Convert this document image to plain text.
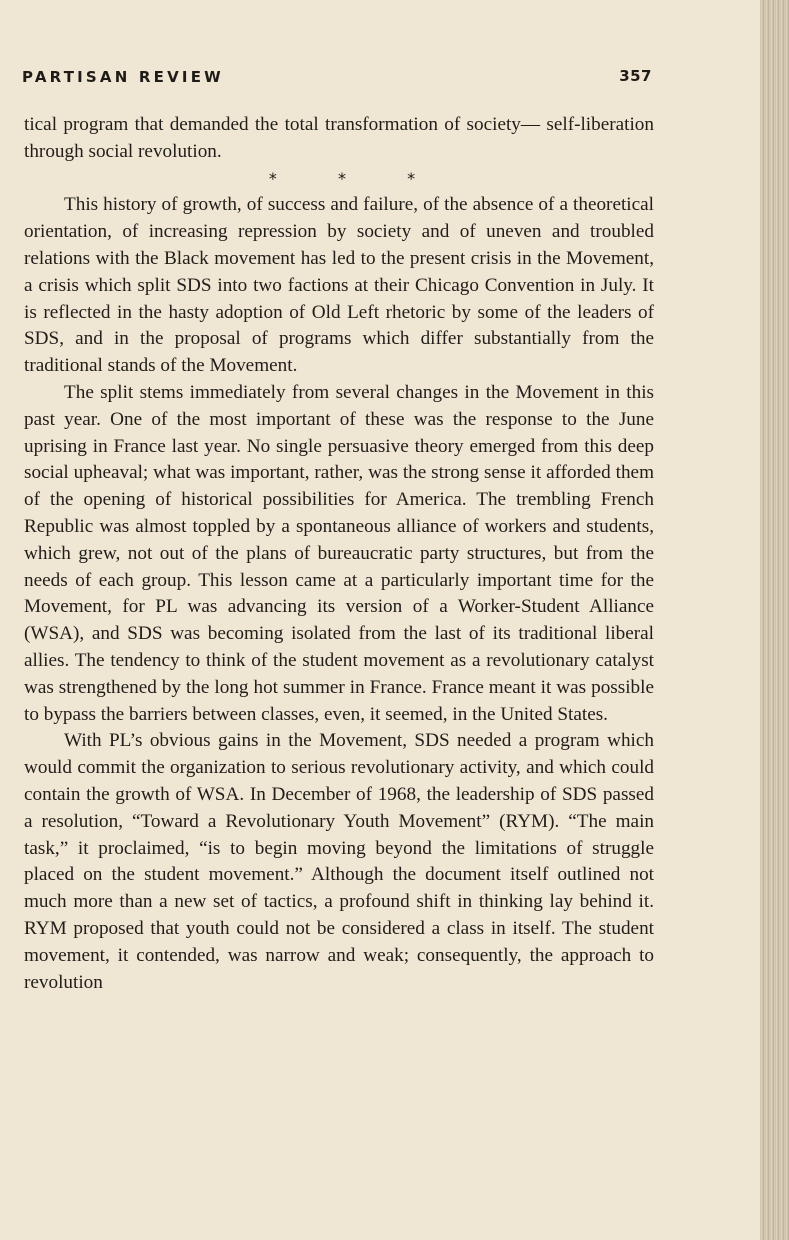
PARTISAN REVIEW	357

tical program that demanded the total transformation of society— self-liberation through social revolution.

* * *

This history of growth, of success and failure, of the absence of a theoretical orientation, of increasing repression by society and of uneven and troubled relations with the Black movement has led to the present crisis in the Movement, a crisis which split SDS into two factions at their Chicago Convention in July. It is reflected in the hasty adoption of Old Left rhetoric by some of the leaders of SDS, and in the proposal of programs which differ substantially from the traditional stands of the Movement.

The split stems immediately from several changes in the Movement in this past year. One of the most important of these was the response to the June uprising in France last year. No single persuasive theory emerged from this deep social upheaval; what was important, rather, was the strong sense it afforded them of the opening of historical possibilities for America. The trembling French Republic was almost toppled by a spontaneous alliance of workers and students, which grew, not out of the plans of bureaucratic party structures, but from the needs of each group. This lesson came at a particularly important time for the Movement, for PL was advancing its version of a Worker-Student Alliance (WSA), and SDS was becoming isolated from the last of its traditional liberal allies. The tendency to think of the student movement as a revolutionary catalyst was strengthened by the long hot summer in France. France meant it was possible to bypass the barriers between classes, even, it seemed, in the United States.

With PL’s obvious gains in the Movement, SDS needed a program which would commit the organization to serious revolutionary activity, and which could contain the growth of WSA. In December of 1968, the leadership of SDS passed a resolution, “Toward a Revolutionary Youth Movement” (RYM). “The main task,” it proclaimed, “is to begin moving beyond the limitations of struggle placed on the student movement.” Although the document itself outlined not much more than a new set of tactics, a profound shift in thinking lay behind it. RYM proposed that youth could not be considered a class in itself. The student movement, it contended, was narrow and weak; consequently, the approach to revolution
